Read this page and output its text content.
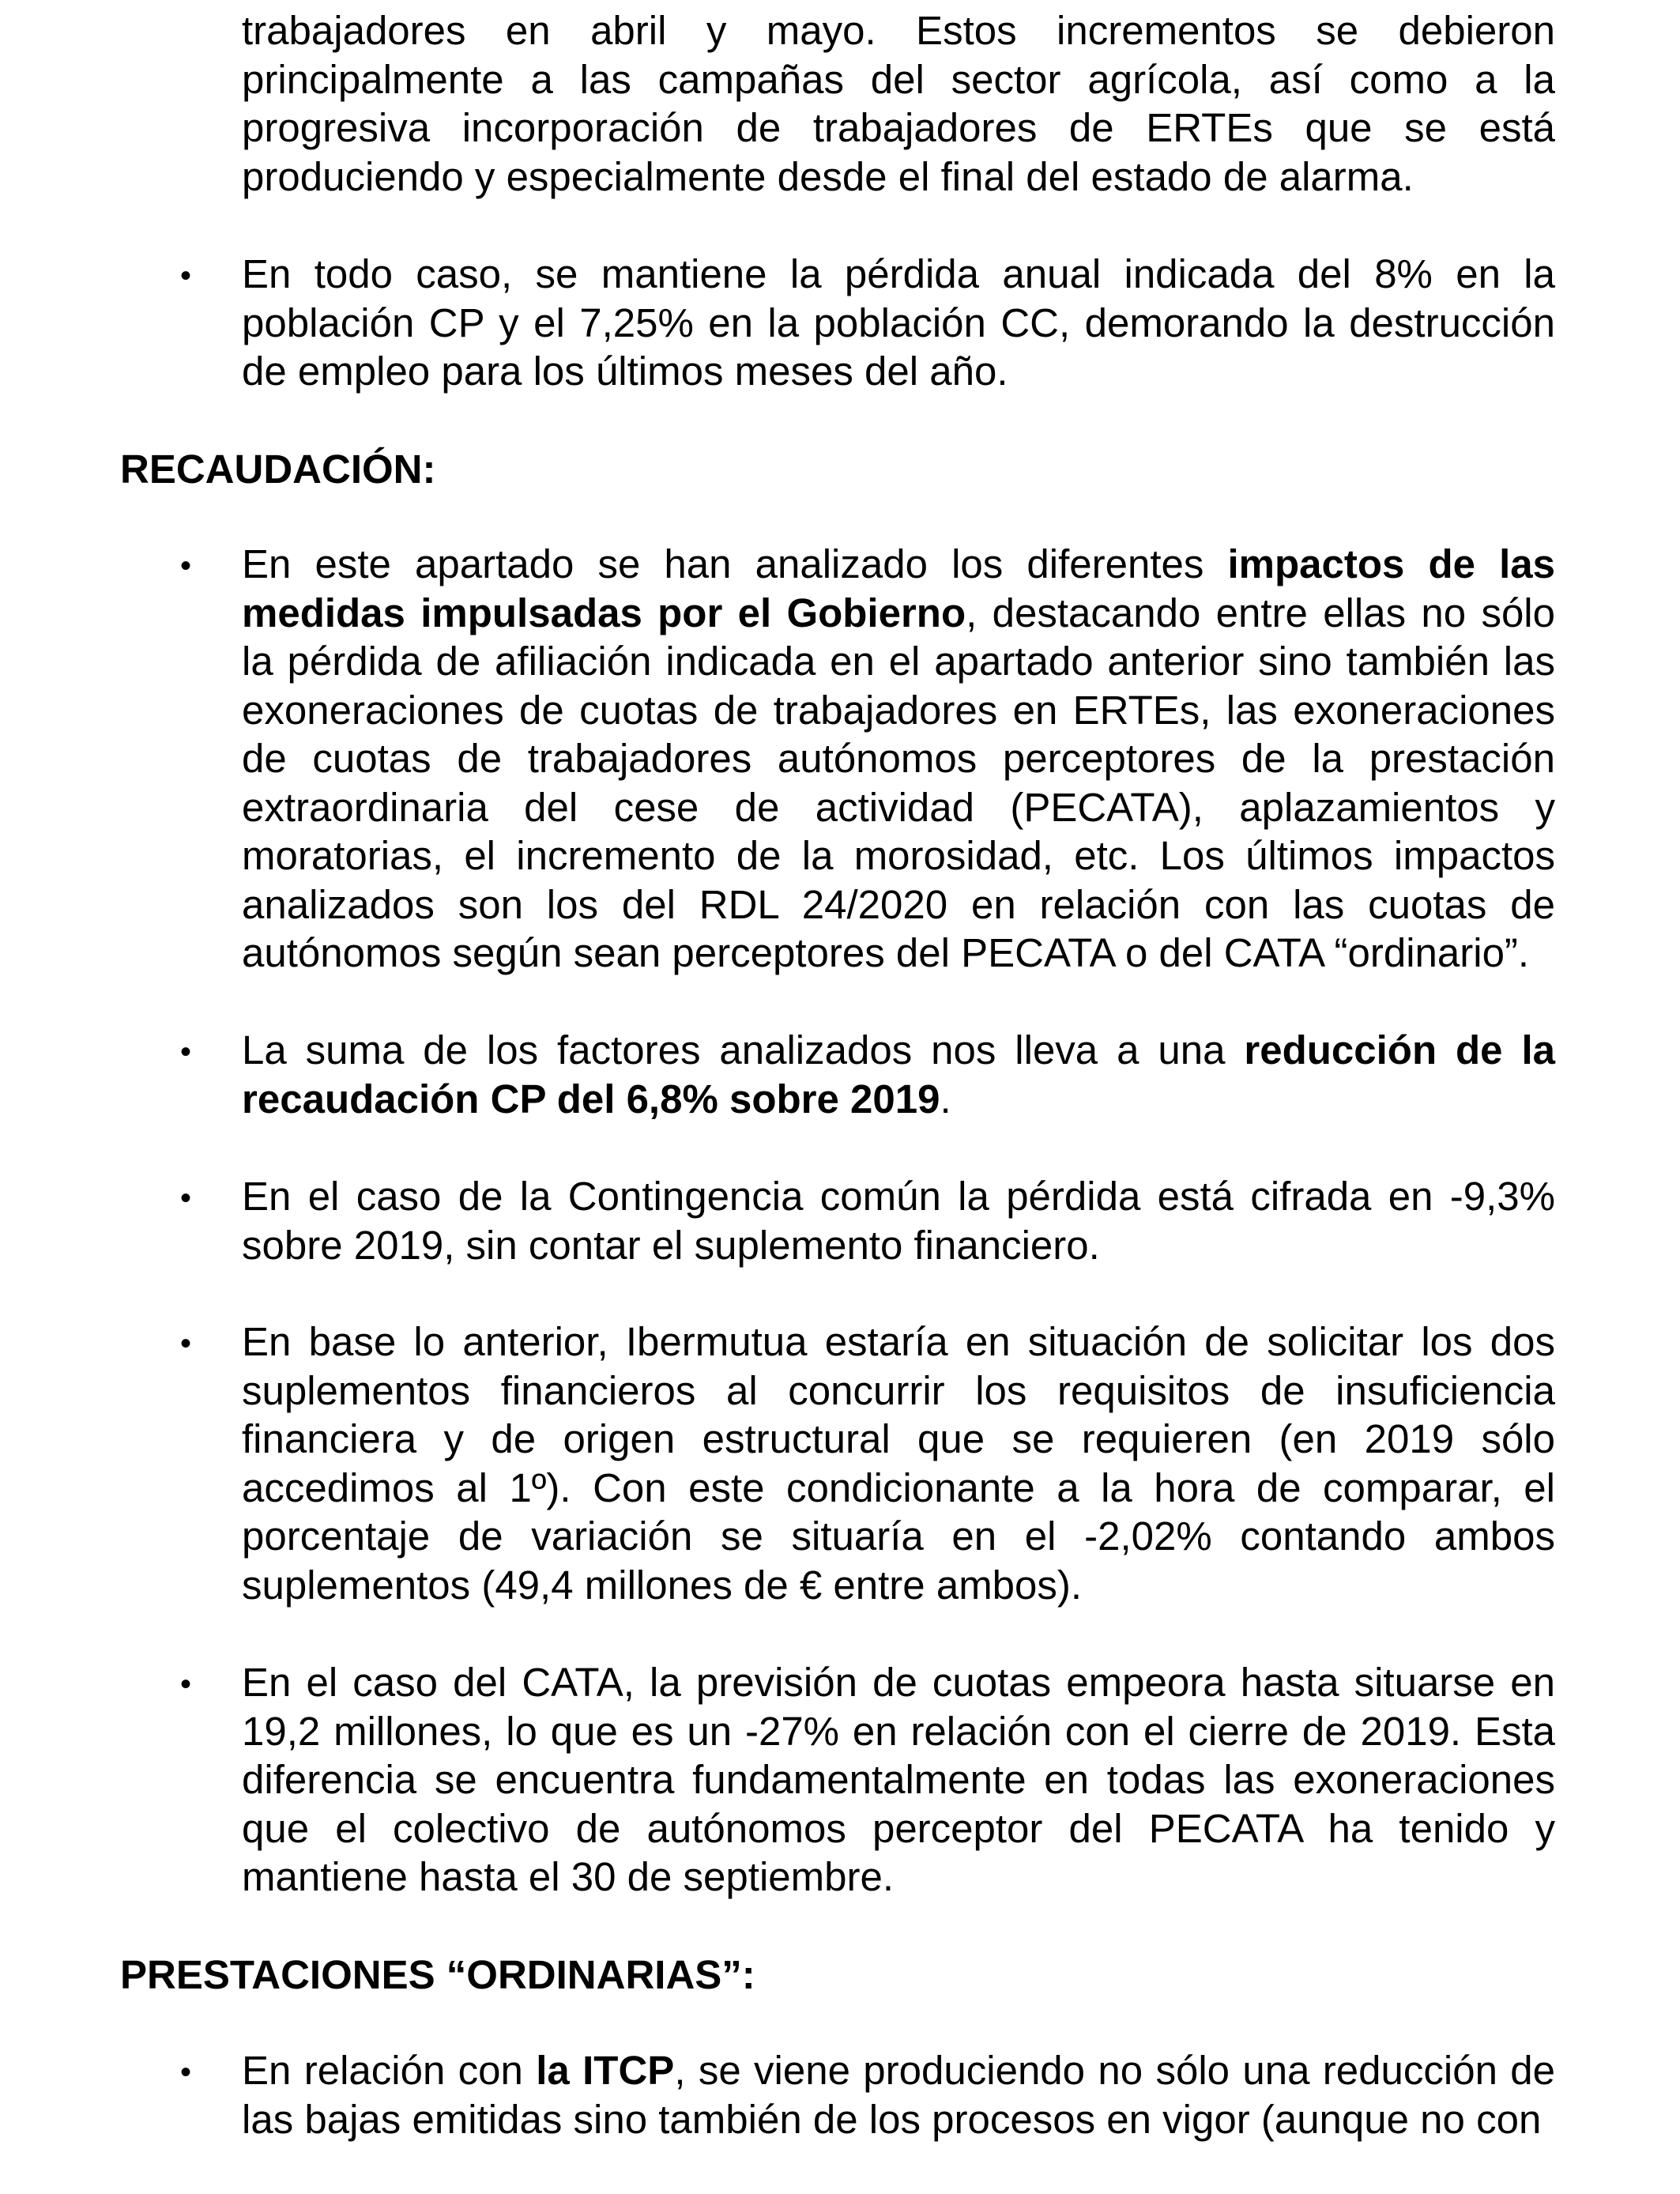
trabajadores en abril y mayo. Estos incrementos se debieron principalmente a las campañas del sector agrícola, así como a la progresiva incorporación de trabajadores de ERTEs que se está produciendo y especialmente desde el final del estado de alarma.

•	En todo caso, se mantiene la pérdida anual indicada del 8% en la población CP y el 7,25% en la población CC, demorando la destrucción de empleo para los últimos meses del año.

RECAUDACIÓN:
•	En este apartado se han analizado los diferentes impactos de las medidas impulsadas por el Gobierno, destacando entre ellas no sólo la pérdida de afiliación indicada en el apartado anterior sino también las exoneraciones de cuotas de trabajadores en ERTEs, las exoneraciones de cuotas de trabajadores autónomos perceptores de la prestación extraordinaria del cese de actividad (PECATA), aplazamientos y moratorias, el incremento de la morosidad, etc. Los últimos impactos analizados son los del RDL 24/2020 en relación con las cuotas de autónomos según sean perceptores del PECATA o del CATA “ordinario”.

•	La suma de los factores analizados nos lleva a una reducción de la recaudación CP del 6,8% sobre 2019.

•	En el caso de la Contingencia común la pérdida está cifrada en -9,3% sobre 2019, sin contar el suplemento financiero.

•	En base lo anterior, Ibermutua estaría en situación de solicitar los dos suplementos financieros al concurrir los requisitos de insuficiencia financiera y de origen estructural que se requieren (en 2019 sólo accedimos al 1º). Con este condicionante a la hora de comparar, el porcentaje de variación se situaría en el -2,02% contando ambos suplementos (49,4 millones de € entre ambos).

•	En el caso del CATA, la previsión de cuotas empeora hasta situarse en 19,2 millones, lo que es un -27% en relación con el cierre de 2019. Esta diferencia se encuentra fundamentalmente en todas las exoneraciones que el colectivo de autónomos perceptor del PECATA ha tenido y mantiene hasta el 30 de septiembre.

PRESTACIONES “ORDINARIAS”:
•	En relación con la ITCP, se viene produciendo no sólo una reducción de las bajas emitidas sino también de los procesos en vigor (aunque no con
